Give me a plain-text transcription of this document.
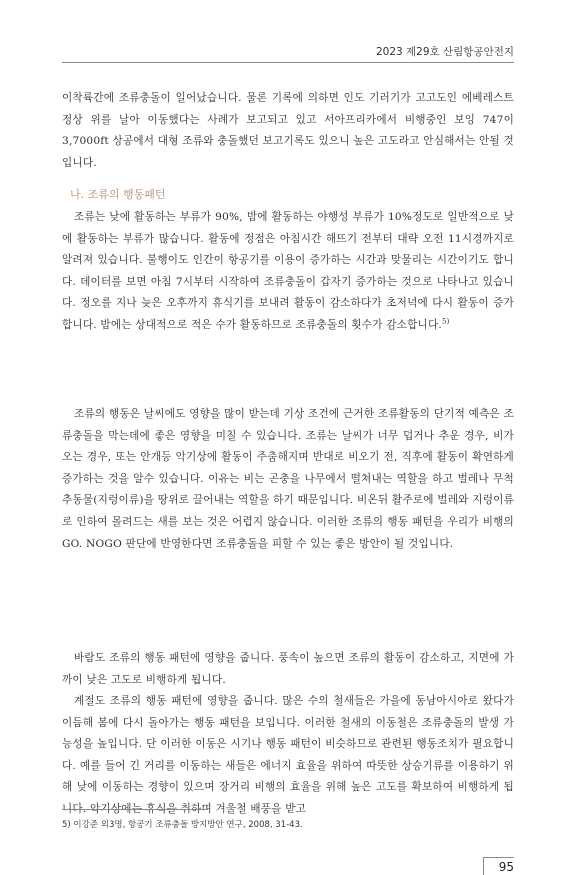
2023 제29호 산림항공안전지

이착륙간에 조류충돌이 일어났습니다. 물론 기록에 의하면 인도 기러기가 고고도인 에베레스트 정상 위를 날아 이동했다는 사례가 보고되고 있고 서아프리카에서 비행중인 보잉 747이 3,7000ft 상공에서 대형 조류와 충돌했던 보고기록도 있으니 높은 고도라고 안심해서는 안될 것입니다.

나. 조류의 행동패턴

조류는 낮에 활동하는 부류가 90%, 밤에 활동하는 야행성 부류가 10%정도로 일반적으로 낮에 활동하는 부류가 많습니다. 활동에 정점은 아침시간 해뜨기 전부터 대략 오전 11시경까지로 알려져 있습니다. 불행이도 인간이 항공기를 이용이 증가하는 시간과 맞물리는 시간이기도 합니다. 데이터를 보면 아침 7시부터 시작하여 조류충돌이 갑자기 증가하는 것으로 나타나고 있습니다. 정오를 지나 늦은 오후까지 휴식기를 보내려 활동이 감소하다가 초저녁에 다시 활동이 증가합니다. 밤에는 상대적으로 적은 수가 활동하므로 조류충돌의 횟수가 감소합니다.$^{5)}$

조류의 행동은 날씨에도 영향을 많이 받는데 기상 조건에 근거한 조류활동의 단기적 예측은 조류충돌을 막는데에 좋은 영향을 미칠 수 있습니다. 조류는 날씨가 너무 덥거나 추운 경우, 비가 오는 경우, 또는 안개등 악기상에 활동이 주춤해지며 반대로 비오기 전, 직후에 활동이 확연하게 증가하는 것을 알수 있습니다. 이유는 비는 곤충을 나무에서 떨쳐내는 역할을 하고 벌레나 무척추동물(지렁이류)을 땅위로 끌어내는 역할을 하기 때문입니다. 비온뒤 활주로에 벌레와 지렁이류로 인하여 몰려드는 새를 보는 것은 어렵지 않습니다. 이러한 조류의 행동 패턴을 우리가 비행의 GO. NOGO 판단에 반영한다면 조류충돌을 피할 수 있는 좋은 방안이 될 것입니다.

바람도 조류의 행동 패턴에 영향을 줍니다. 풍속이 높으면 조류의 활동이 감소하고, 지면에 가까이 낮은 고도로 비행하게 됩니다.

계절도 조류의 행동 패턴에 영향을 줍니다. 많은 수의 철새들은 가을에 동남아시아로 왔다가 이듬해 봄에 다시 돌아가는 행동 패턴을 보입니다. 이러한 철새의 이동철은 조류충돌의 발생 가능성을 높입니다. 단 이러한 이동은 시기나 행동 패턴이 비슷하므로 관련된 행동조치가 필요합니다. 예를 들어 긴 거리를 이동하는 새들은 에너지 효율을 위하여 따뜻한 상승기류를 이용하기 위해 낮에 이동하는 경향이 있으며 장거리 비행의 효율을 위해 높은 고도를 확보하여 비행하게 됩니다. 악기상에는 휴식을 취하며 겨울철 배풍을 받고

5) 이강준 외3명, 항공기 조류충돌 방지방안 연구, 2008, 31-43.
95
